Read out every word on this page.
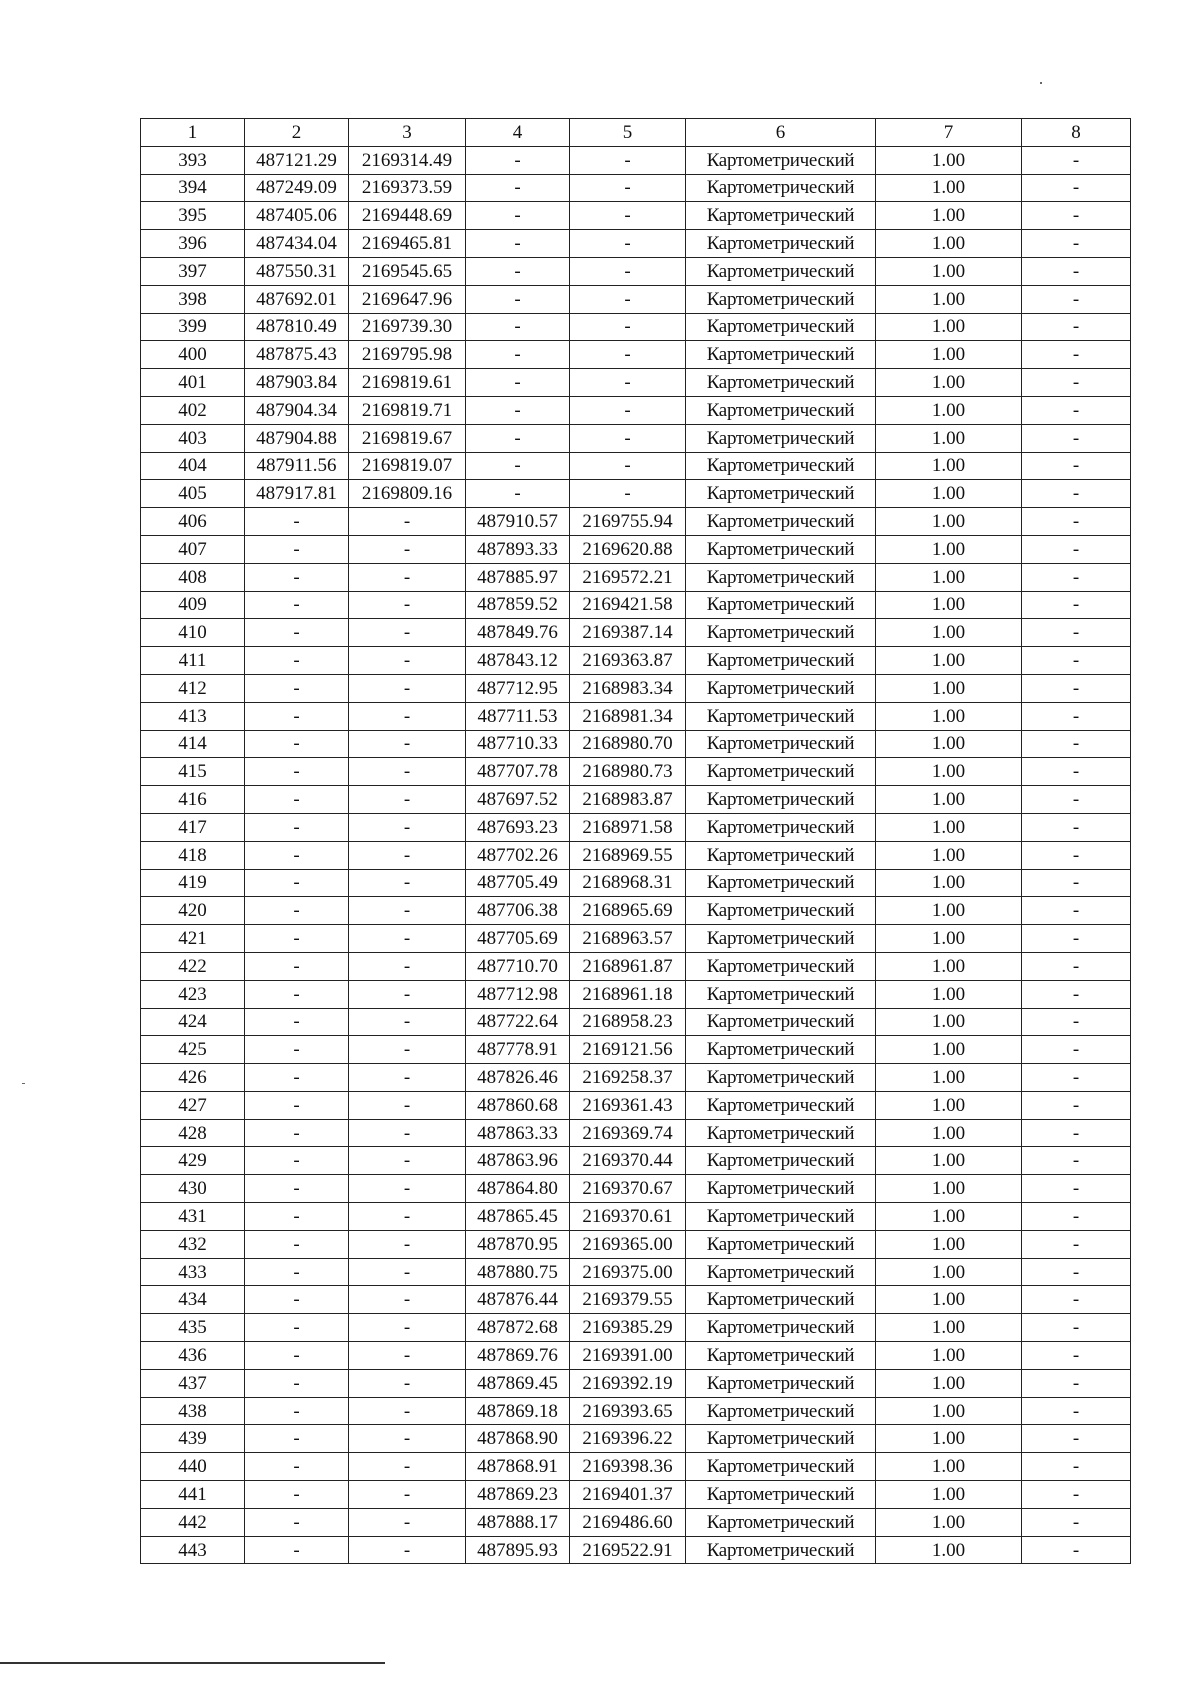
1	2	3	4	5	6	7	8
393	487121.29	2169314.49	-	-	Картометрический	1.00	-
394	487249.09	2169373.59	-	-	Картометрический	1.00	-
395	487405.06	2169448.69	-	-	Картометрический	1.00	-
396	487434.04	2169465.81	-	-	Картометрический	1.00	-
397	487550.31	2169545.65	-	-	Картометрический	1.00	-
398	487692.01	2169647.96	-	-	Картометрический	1.00	-
399	487810.49	2169739.30	-	-	Картометрический	1.00	-
400	487875.43	2169795.98	-	-	Картометрический	1.00	-
401	487903.84	2169819.61	-	-	Картометрический	1.00	-
402	487904.34	2169819.71	-	-	Картометрический	1.00	-
403	487904.88	2169819.67	-	-	Картометрический	1.00	-
404	487911.56	2169819.07	-	-	Картометрический	1.00	-
405	487917.81	2169809.16	-	-	Картометрический	1.00	-
406	-	-	487910.57	2169755.94	Картометрический	1.00	-
407	-	-	487893.33	2169620.88	Картометрический	1.00	-
408	-	-	487885.97	2169572.21	Картометрический	1.00	-
409	-	-	487859.52	2169421.58	Картометрический	1.00	-
410	-	-	487849.76	2169387.14	Картометрический	1.00	-
411	-	-	487843.12	2169363.87	Картометрический	1.00	-
412	-	-	487712.95	2168983.34	Картометрический	1.00	-
413	-	-	487711.53	2168981.34	Картометрический	1.00	-
414	-	-	487710.33	2168980.70	Картометрический	1.00	-
415	-	-	487707.78	2168980.73	Картометрический	1.00	-
416	-	-	487697.52	2168983.87	Картометрический	1.00	-
417	-	-	487693.23	2168971.58	Картометрический	1.00	-
418	-	-	487702.26	2168969.55	Картометрический	1.00	-
419	-	-	487705.49	2168968.31	Картометрический	1.00	-
420	-	-	487706.38	2168965.69	Картометрический	1.00	-
421	-	-	487705.69	2168963.57	Картометрический	1.00	-
422	-	-	487710.70	2168961.87	Картометрический	1.00	-
423	-	-	487712.98	2168961.18	Картометрический	1.00	-
424	-	-	487722.64	2168958.23	Картометрический	1.00	-
425	-	-	487778.91	2169121.56	Картометрический	1.00	-
426	-	-	487826.46	2169258.37	Картометрический	1.00	-
427	-	-	487860.68	2169361.43	Картометрический	1.00	-
428	-	-	487863.33	2169369.74	Картометрический	1.00	-
429	-	-	487863.96	2169370.44	Картометрический	1.00	-
430	-	-	487864.80	2169370.67	Картометрический	1.00	-
431	-	-	487865.45	2169370.61	Картометрический	1.00	-
432	-	-	487870.95	2169365.00	Картометрический	1.00	-
433	-	-	487880.75	2169375.00	Картометрический	1.00	-
434	-	-	487876.44	2169379.55	Картометрический	1.00	-
435	-	-	487872.68	2169385.29	Картометрический	1.00	-
436	-	-	487869.76	2169391.00	Картометрический	1.00	-
437	-	-	487869.45	2169392.19	Картометрический	1.00	-
438	-	-	487869.18	2169393.65	Картометрический	1.00	-
439	-	-	487868.90	2169396.22	Картометрический	1.00	-
440	-	-	487868.91	2169398.36	Картометрический	1.00	-
441	-	-	487869.23	2169401.37	Картометрический	1.00	-
442	-	-	487888.17	2169486.60	Картометрический	1.00	-
443	-	-	487895.93	2169522.91	Картометрический	1.00	-
